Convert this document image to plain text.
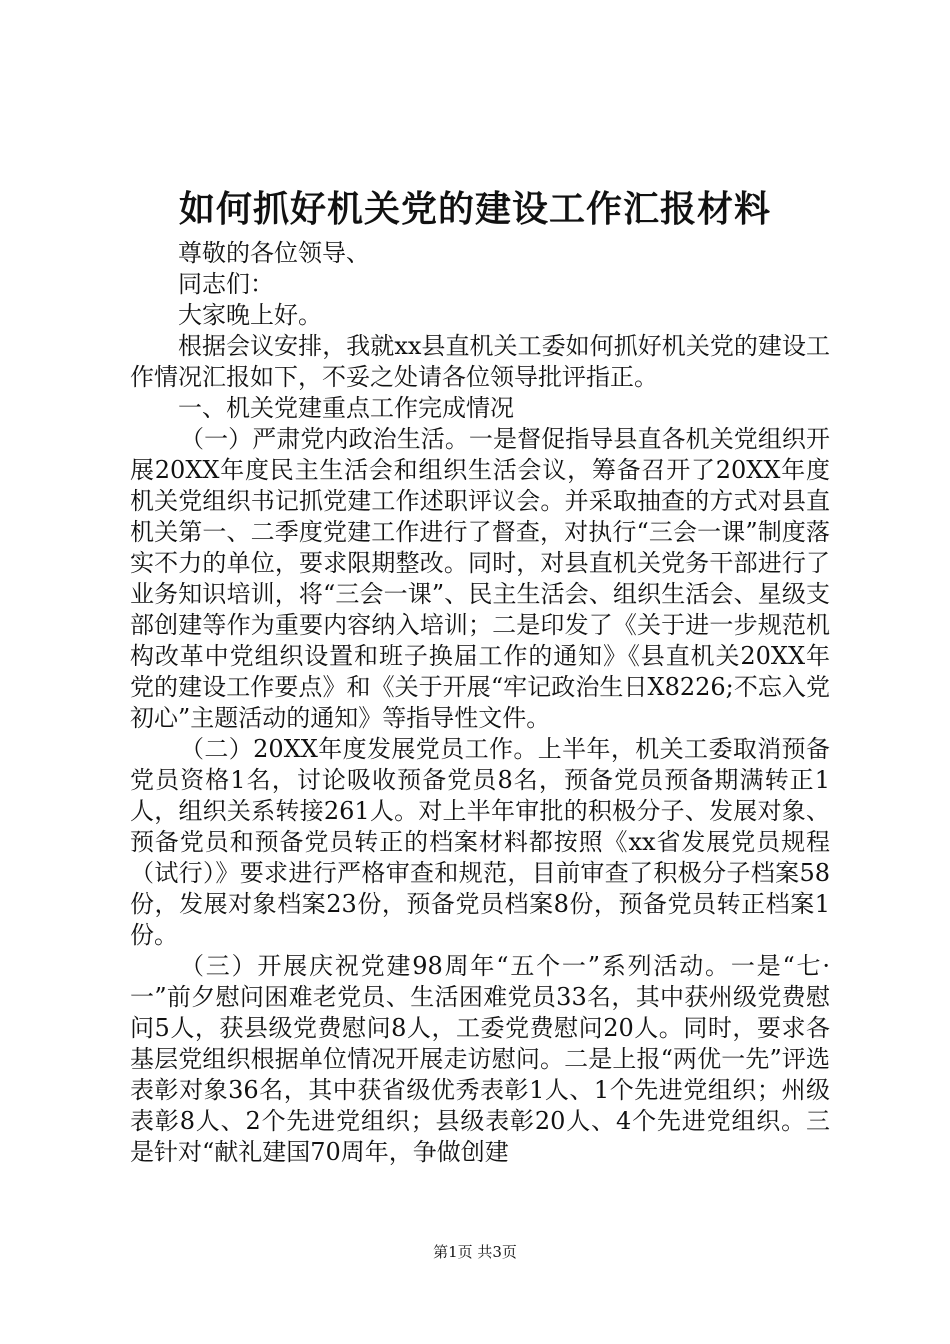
如何抓好机关党的建设工作汇报材料

尊敬的各位领导、

同志们：

大家晚上好。

根据会议安排，我就xx县直机关工委如何抓好机关党的建设工作情况汇报如下，不妥之处请各位领导批评指正。

一、机关党建重点工作完成情况

（一）严肃党内政治生活。一是督促指导县直各机关党组织开展20XX年度民主生活会和组织生活会议，筹备召开了20XX年度机关党组织书记抓党建工作述职评议会。并采取抽查的方式对县直机关第一、二季度党建工作进行了督查，对执行“三会一课”制度落实不力的单位，要求限期整改。同时，对县直机关党务干部进行了业务知识培训，将“三会一课”、民主生活会、组织生活会、星级支部创建等作为重要内容纳入培训；二是印发了《关于进一步规范机构改革中党组织设置和班子换届工作的通知》《县直机关20XX年党的建设工作要点》和《关于开展“牢记政治生日X8226;不忘入党初心”主题活动的通知》等指导性文件。

（二）20XX年度发展党员工作。上半年，机关工委取消预备党员资格1名，讨论吸收预备党员8名，预备党员预备期满转正1人，组织关系转接261人。对上半年审批的积极分子、发展对象、预备党员和预备党员转正的档案材料都按照《xx省发展党员规程（试行）》要求进行严格审查和规范，目前审查了积极分子档案58份，发展对象档案23份，预备党员档案8份，预备党员转正档案1份。

（三）开展庆祝党建98周年“五个一”系列活动。一是“七·一”前夕慰问困难老党员、生活困难党员33名，其中获州级党费慰问5人，获县级党费慰问8人，工委党费慰问20人。同时，要求各基层党组织根据单位情况开展走访慰问。二是上报“两优一先”评选表彰对象36名，其中获省级优秀表彰1人、1个先进党组织；州级表彰8人、2个先进党组织；县级表彰20人、4个先进党组织。三是针对“献礼建国70周年，争做创建

第1页 共3页
